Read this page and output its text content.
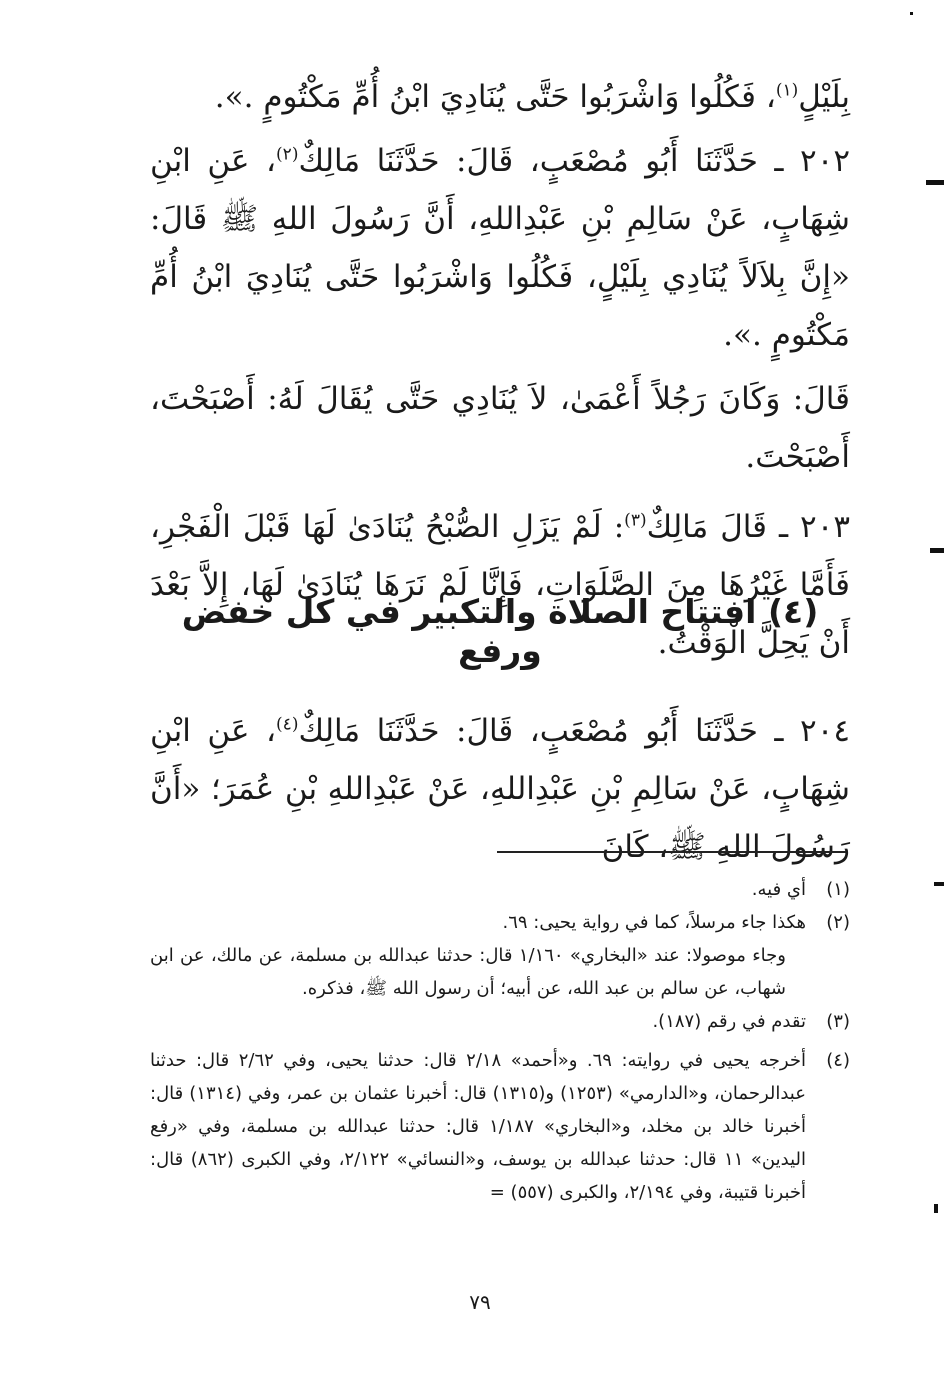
بِلَيْلٍ$^{(١)}$، فَكُلُوا وَاشْرَبُوا حَتَّى يُنَادِيَ ابْنُ أُمِّ مَكْتُومٍ .».

٢٠٢ ـ حَدَّثَنَا أَبُو مُصْعَبٍ، قَالَ: حَدَّثَنَا مَالِكٌ$^{(٢)}$، عَنِ ابْنِ شِهَابٍ، عَنْ سَالِمِ بْنِ عَبْدِاللهِ، أَنَّ رَسُولَ اللهِ ﷺ قَالَ: «إِنَّ بِلاَلاً يُنَادِي بِلَيْلٍ، فَكُلُوا وَاشْرَبُوا حَتَّى يُنَادِيَ ابْنُ أُمِّ مَكْتُومٍ .».

قَالَ: وَكَانَ رَجُلاً أَعْمَىٰ، لاَ يُنَادِي حَتَّى يُقَالَ لَهُ: أَصْبَحْتَ، أَصْبَحْتَ.

٢٠٣ ـ قَالَ مَالِكٌ$^{(٣)}$: لَمْ يَزَلِ الصُّبْحُ يُنَادَىٰ لَهَا قَبْلَ الْفَجْرِ، فَأَمَّا غَيْرُهَا مِنَ الصَّلَوَاتِ، فَإِنَّا لَمْ نَرَهَا يُنَادَىٰ لَهَا، إِلاَّ بَعْدَ أَنْ يَحِلَّ الْوَقْتُ.

(٤) افتتاح الصلاة والتكبير في كل خفض ورفع

٢٠٤ ـ حَدَّثَنَا أَبُو مُصْعَبٍ، قَالَ: حَدَّثَنَا مَالِكٌ$^{(٤)}$، عَنِ ابْنِ شِهَابٍ، عَنْ سَالِمِ بْنِ عَبْدِاللهِ، عَنْ عَبْدِاللهِ بْنِ عُمَرَ؛ «أَنَّ رَسُولَ اللهِ ﷺ، كَانَ

(١)
أي فيه.
(٢)
هكذا جاء مرسلاً، كما في رواية يحيى: ٦٩.
وجاء موصولا: عند «البخاري» ١/١٦٠ قال: حدثنا عبدالله بن مسلمة، عن مالك، عن ابن شهاب، عن سالم بن عبد الله، عن أبيه؛ أن رسول الله ﷺ، فذكره.
(٣)
تقدم في رقم (١٨٧).
(٤)
أخرجه يحيى في روايته: ٦٩. و«أحمد» ٢/١٨ قال: حدثنا يحيى، وفي ٢/٦٢ قال: حدثنا عبدالرحمان، و«الدارمي» (١٢٥٣) و(١٣١٥) قال: أخبرنا عثمان بن عمر، وفي (١٣١٤) قال: أخبرنا خالد بن مخلد، و«البخاري» ١/١٨٧ قال: حدثنا عبدالله بن مسلمة، وفي «رفع اليدين» ١١ قال: حدثنا عبدالله بن يوسف، و«النسائي» ٢/١٢٢، وفي الكبرى (٨٦٢) قال: أخبرنا قتيبة، وفي ٢/١٩٤، والكبرى (٥٥٧) =
٧٩
